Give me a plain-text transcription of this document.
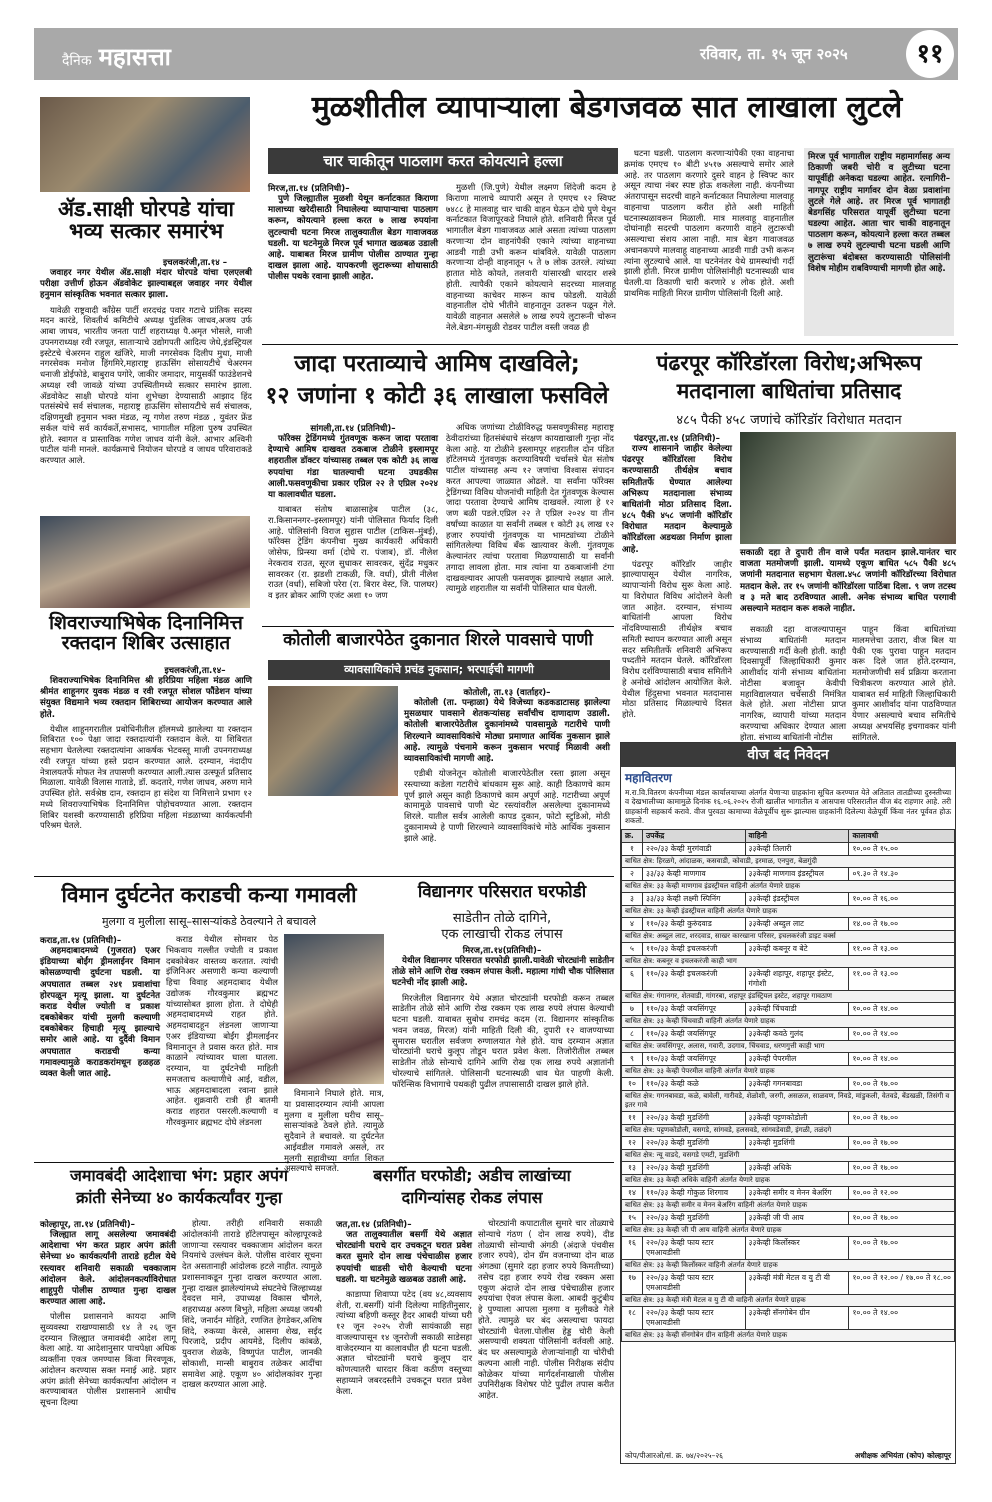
दैनिक महासत्ता	रविवार, ता. १५ जून २०२५	११
ॲड.साक्षी घोरपडे यांचा भव्य सत्कार समारंभ
इचलकरंजी,ता.१४ –

जवाहर नगर येथील ॲड.साक्षी मंदार घोरपडे यांचा एलएलबी परीक्षा उत्तीर्ण होऊन ॲडवोकेट झाल्याबद्दल जवाहर नगर येथील हनुमान सांस्कृतिक भवनात सत्कार झाला.

यावेळी राष्ट्रवादी कॉंग्रेस पार्टी शरदचंद्र पवार गटाचे प्रांतिक सदस्य मदन कारंडे, शिवतीर्थ कमिटीचे अध्यक्ष पुंडलिक जाधव,अजय उर्फ आबा जाधव, भारतीय जनता पार्टी शहराध्यक्ष पै.अमृत भोसले, माजी उपनगराध्यक्ष रवी रजपूत, साताऱ्याचे उद्योगपती आदित्य जेधे,इंडस्ट्रियल इस्टेटचे चेअरमन राहुल खंजिरे, माजी नगरसेवक दिलीप मुधा, माजी नगरसेवक मनोज हिंगमिरे,महाराष्ट्र हाऊसिंग सोसायटीचे चेअरमन धनाजी डोईफोडे, बाबुराव पगोरे, जाकीर जमादार, मायुसर्की फाउंडेशनचे अध्यक्ष रवी जावळे यांच्या उपस्थितीमध्ये सत्कार समारंभ झाला. ॲडवोकेट साक्षी घोरपडे यांना शुभेच्छा देण्यासाठी आझाद हिंद पतसंस्थेचे सर्व संचालक, महाराष्ट्र हाऊसिंग सोसायटीचे सर्व संचालक, दक्षिणमुखी हनुमान भक्त मंडळ, न्यू गणेश तरुण मंडळ , युवंतर फ्रेंड सर्कल यांचे सर्व कार्यकर्ते,सभासद, भागातील महिला पुरुष उपस्थित होते. स्वागत व प्रास्ताविक गणेश जाधव यांनी केले. आभार अश्विनी पाटील यांनी मानले. कार्यक्रमाचे नियोजन घोरपडे व जाधव परिवाराकडे करण्यात आले.

शिवराज्याभिषेक दिनानिमित्त रक्तदान शिबिर उत्साहात
इचलकरंजी,ता.१४–

शिवराज्याभिषेक दिनानिमित्त श्री हरिप्रिया महिला मंडळ आणि श्रीमंत शाहूनगर युवक मंडळ व रवी रजपूत सोशल फौंडेशन यांच्या संयुक्त विद्यमाने भव्य रक्तदान शिबिराच्या आयोजन करण्यात आले होते.

येथील शाहूनगरातील प्रबोधिनीतील हॉलमध्ये झालेल्या या रक्तदान शिबिरात १०० पेक्षा जादा रक्तदात्यांनी रक्तदान केले. या शिबिरात सहभाग घेतलेल्या रक्तदात्यांना आकर्षक भेटवस्तू माजी उपनगराध्यक्ष रवी रजपूत यांच्या हस्ते प्रदान करण्यात आले. दरम्यान, नंदादीप नेत्रालयतर्फे मोफत नेत्र तपासणी करण्यात आली.त्यास उत्स्फूर्त प्रतिसाद मिळाला. यावेळी विलास गाताडे, डॉ. कदतारे, गणेश जाधव, अरुण माने उपस्थित होते. सर्वश्रेष्ठ दान, रक्तदान हा संदेश या निमित्ताने प्रभाग १२ मध्ये शिवराज्याभिषेक दिनानिमित्त पोहोचवण्यात आला. रक्तदान शिबिर यशस्वी करण्यासाठी हरिप्रिया महिला मंडळाच्या कार्यकर्त्यांनी परिश्रम घेतले.

मुळशीतील व्यापाऱ्याला बेडगजवळ सात लाखाला लुटले
चार चाकीतून पाठलाग करत कोयत्याने हल्ला
मिरज,ता.१४ (प्रतिनिधी)–

पुणे जिल्ह्यातील मुळशी येथून कर्नाटकात किराणा मालाच्या खरेदीसाठी निघालेल्या व्यापाऱ्याचा पाठलाग करून, कोयत्याने हल्ला करत ७ लाख रुपयांना लुटल्याची घटना मिरज तालुक्यातील बेडग गावाजवळ घडली. या घटनेमुळे मिरज पूर्व भागात खळबळ उडाली आहे. याबाबत मिरज ग्रामीण पोलीस ठाण्यात गुन्हा दाखल झाला आहे. यापकरणी लुटारूच्या शोधासाठी पोलीस पथके रवाना झाली आहेत.

मुळशी (जि.पुणे) येथील लक्ष्मण शिंदेजी कदम हे किराणा मालाचे व्यापारी असून ते एमएच १२ स्विफ्ट ७४८८ हे मालवाहू चार चाकी वाहन घेऊन दोघे पुणे येथून कर्नाटकात विजापूरकडे निघाले होते. शनिवारी मिरज पूर्व भागातील बेडग गावाजवळ आले असता त्यांच्या पाठलाग करणाऱ्या दोन वाहनांपैकी एकाने त्यांच्या वाहनाच्या आडवी गाडी उभी करून थांबविले. यावेळी पाठलाग करणाऱ्या दोन्ही वाहनातून ५ ते ७ लोक उतरले. त्यांच्या हातात मोठे कोयते, तलवारी यांसारखी धारदार शस्त्रे होती. त्यापैकी एकाने कोयत्याने सदरच्या मालवाहू वाहनाच्या काचेवर मारून काच फोडली. यावेळी वाहनातील दोघे भीतीने वाहनातून उतरून पळून गेले. यावेळी वाहनात असलेले ७ लाख रुपये लुटारूनी चोरून नेले.बेडग-मंगसुळी रोडवर पाटील वस्ती जवळ ही

घटना घडली. पाठलाग करणाऱ्यांपैकी एका वाहनाचा क्रमांक एमएच १० बीटी ४५१७ असल्याचे समोर आले आहे. तर पाठलाग करणारे दुसरे वाहन हे स्विफ्ट कार असून त्याचा नंबर स्पष्ट होऊ शकलेला नाही. कंपनीच्या अंतरापासून सदरची वाहने कर्नाटकात निघालेल्या मालवाहू वाहनाचा पाठलाग करीत होते अशी माहिती घटनास्थळावरून मिळाली. मात्र मालवाहू वाहनातील दोघांनाही सदरची पाठलाग करणारी वाहने लुटारूची असल्याचा संशय आला नाही. मात्र बेडग गावाजवळ अचानकपणे मालवाहू वाहनाच्या आडवी गाडी उभी करून त्यांना लुटल्याचे आले. या घटनेनंतर येथे ग्रामस्थांची गर्दी झाली होती. मिरज ग्रामीण पोलिसांनीही घटनास्थळी धाव घेतली.या ठिकाणी चारी करणारे ४ लोक होते. अशी प्राथमिक माहिती मिरज ग्रामीण पोलिसांनी दिली आहे.

मिरज पूर्व भागातील राष्ट्रीय महामार्गासह अन्य ठिकाणी जबरी चोरी व लुटीच्या घटना यापूर्वीही अनेकदा घडल्या आहेत. रत्नागिरी–नागपूर राष्ट्रीय मार्गावर दोन वेळा प्रवाशांना लुटले गेले आहे. तर मिरज पूर्व भागातही बेडगसिंह परिसरात यापूर्वी लुटीच्या घटना घडल्या आहेत. आता चार चाकी वाहनातून पाठलाग करून, कोयत्याने हल्ला करत तब्बल ७ लाख रुपये लुटल्याची घटना घडली आणि लुटारूंचा बंदोबस्त करण्यासाठी पोलिसांनी विशेष मोहीम राबविण्याची मागणी होत आहे.

जादा परताव्याचे आमिष दाखविले;
१२ जणांना १ कोटी ३६ लाखाला फसविले
सांगली,ता.१४ (प्रतिनिधी)–

फॉरेक्स ट्रेडिंगमध्ये गुंतवणूक करून जादा परतावा देण्याचे आमिष दाखवत ठकबाज टोळीने इस्लामपूर शहरातील डॉक्टर यांच्यासह तब्बल एक कोटी ३६ लाख रुपयांचा गंडा घातल्याची घटना उघडकीस आली.फसवणुकीचा प्रकार एप्रिल २२ ते एप्रिल २०२४ या कालावधीत घडला.

याबाबत संतोष बाळासाहेब पाटील (३८, रा.किसाननगर–इस्लामपूर) यांनी पोलिसात फिर्याद दिली आहे. पोलिसांनी विराज सुहास पाटील (टाकिस–मुंबई), फॉरेक्स ट्रेडिंग कंपनीचा मुख्य कार्यकारी अधिकारी जोसेफ, प्रिन्स्या वर्मा (दोघे रा. पंजाब), डॉ. नीलेश नेरकराव राउत, सूरज सुधाकर सावरकर, सुंदेंद्र मधुकर सावरकर (रा. झडशी टाकळी, जि. वर्धा), प्रीती नीलेश राउत (वर्धा), सबिजो परेरा (रा. बिरार वेस्ट, जि. पालघर) व इतर ब्रोकर आणि एजंट अशा १० जण

अधिक जणांच्या टोळीविरुद्ध फसवणुकीसह महाराष्ट्र ठेवीदारांच्या हितसंबंधाचे संरक्षण कायद्याखाली गुन्हा नोंद केला आहे. या टोळीने इस्लामपूर शहरातील दोन पंडित हॉटेलमध्ये गुंतवणूक करण्याविषयी चर्चासत्रे घेत संतोष पाटील यांच्यासह अन्य १२ जणांचा विश्वास संपादन करत आपल्या जाळ्यात ओढले. या सर्वांना फॉरेक्स ट्रेडिंगच्या विविध योजनांची माहिती देत गुंतवणूक केल्यास जादा परतावा देण्याचे आमिष दाखवले. त्याला हे १२ जण बळी पडले.एप्रिल २२ ते एप्रिल २०२४ या तीन वर्षांच्या काळात या सर्वांनी तब्बल १ कोटी ३६ लाख १२ हजार रुपयांची गुंतवणूक या भामट्यांच्या टोळीने सांगितलेल्या विविध बँक खात्यावर केली. गुंतवणूक केल्यानंतर त्यांचा परतावा मिळण्यासाठी या सर्वांनी तगादा लावला होता. मात्र त्यांना या ठकबाजांनी टंगा दाखवल्यावर आपली फसवणूक झाल्याचे लक्षात आले. त्यामुळे शहरातील या सर्वांनी पोलिसात धाव घेतली.

पंढरपूर कॉरिडॉरला विरोध;अभिरूप
मतदानाला बाधितांचा प्रतिसाद
४८५ पैकी ४५८ जणांचे कॉरिडॉर विरोधात मतदान
पंढरपूर,ता.१४ (प्रतिनिधी)–

राज्य शासनाने जाहीर केलेल्या पंढरपूर कॉरिडॉरला विरोध करण्यासाठी तीर्थक्षेत्र बचाव समितीतर्फे घेण्यात आलेल्या अभिरूप मतदानाला संभाव्य बाधितांनी मोठा प्रतिसाद दिला. ४८५ पैकी ४५८ जणांनी कॉरिडॉर विरोधात मतदान केल्यामुळे कॉरिडॉरला अडथळा निर्माण झाला आहे.

पंढरपूर कॉरिडॉर जाहीर झाल्यापासून येथील नागरिक, व्यापाऱ्यांनी विरोध सुरू केला आहे. या विरोधात विविध आंदोलने केली जात आहेत. दरम्यान, संभाव्य बाधितांनी आपला विरोध नोंदविण्यासाठी तीर्थक्षेत्र बचाव समिती स्थापन करण्यात आली असून सदर समितीतर्फे शनिवारी अभिरूप पध्दतीने मतदान घेतले. कॉरिडॉरला विरोध दर्शविण्यासाठी बचाव समितीने हे अनोखे आंदोलन आयोजित केले. येथील हिंदुसभा भवनात मतदानास मोठा प्रतिसाद मिळाल्याचे दिसत होते.

सकाळी दहा ते दुपारी तीन वाजे पर्यंत मतदान झाले.यानंतर चार वाजता मतमोजणी झाली. यामध्ये एकूण बाधित ५८५ पैकी ४८५ जणांनी मतदानात सहभाग घेतला.४५८ जणांनी कॉरिडॉरच्या विरोधात मतदान केले. तर १५ जणांनी कॉरिडॉरला पाठिंबा दिला. ९ जण तटस्थ व ३ मते बाद ठरविण्यात आली. अनेक संभाव्य बाधित परगावी असल्याने मतदान करू शकले नाहीत.

सकाळी दहा वाजल्यापासून संभाव्य बाधितांनी मतदान करण्यासाठी गर्दी केली होती. काही दिवसापूर्वी जिल्हाधिकारी कुमार आशीर्वाद यांनी संभाव्य बाधितांना नोटीसा बजावून केवीपी महाविद्यालयात चर्चेसाठी निमंत्रित केले होते. अशा नोटीसा प्राप्त नागरिक, व्यापारी यांच्या मतदान करण्याचा अधिकार देण्यात आला होता. संभाव्य बाधितांनी नोटीस

पाहून किंवा बाधितांच्या मालमत्तेचा उतारा, वीज बिल या पैकी एक पुरावा पाहून मतदान करू दिले जात होते.दरम्यान, मतमोजणीची सर्व प्रक्रिया करताना चित्रीकरण करण्यात आले होते. याबाबत सर्व माहिती जिल्हाधिकारी कुमार आशीर्वाद यांना पाठविण्यात येणार असल्याचे बचाव समितीचे अध्यक्ष अभयसिंह इचगावकर यांनी सांगितले.

कोतोली बाजारपेठेत दुकानात शिरले पावसाचे पाणी
व्यावसायिकांचे प्रचंड नुकसान; भरपाईची मागणी
कोतोली, ता.१३ (वार्ताहर)–

कोतोली (ता. पन्हाळा) येथे विजेच्या कडकडाटासह झालेल्या मुसळधार पावसाने शेतकऱ्यांसह सर्वांचीच दाणादाण उडाली. कोतोली बाजारपेठेतील दुकानांमध्ये पावसामुळे गटारीचे पाणी शिरल्याने व्यावसायिकांचे मोठ्या प्रमाणात आर्थिक नुकसान झाले आहे. त्यामुळे पंचनामे करून नुकसान भरपाई मिळावी अशी व्यावसायिकांची मागणी आहे.

एडीबी योजनेतून कोतोली बाजारपेठेतील रस्ता झाला असून रस्त्याच्या कडेला गटारीचे बांधकाम सुरू आहे. काही ठिकाणचे काम पूर्ण झाले असून काही ठिकाणचे काम अपूर्ण आहे. गटारीच्या अपूर्ण कामामुळे पावसाचे पाणी थेट रस्त्यांवरील असलेल्या दुकानामध्ये शिरले. यातील सर्वत्र आलेली कापड दुकान, फोटो स्टुडिओ, मोठी दुकानामध्ये हे पाणी शिरल्याने व्यावसायिकांचे मोठे आर्थिक नुकसान झाले आहे.

वीज बंद निवेदन
महावितरण
म.रा.वि.वितरण कंपनीच्या मंडल कार्यालयाच्या अंतर्गत येणाऱ्या ग्राहकांना सूचित करण्यात येते अतितात तातडीच्या दुरुस्तीच्या व देखभालीच्या कामामुळे दिनांक १६.०६.२०२५ रोजी खालील भागातील व आसपास परिसरातील वीज बंद राहणार आहे. तरी ग्राहकांनी सहकार्य करावे. वीज पुरवठा कामाच्या वेळेपूर्वीच सुरू झाल्यास ग्राहकांनी दिलेल्या वेळेपूर्वी किंवा नंतर पूर्ववत होऊ शकतो.
क्र.	उपकेंद्र	वाहिनी	कालावधी
१	२२०/३३ केव्ही मुरगंवाडी	३३केव्ही तिलारी	१०.०० ते १५.००
बाधित क्षेत्र: हिरळगे, आंदाळक, कसवाडी, कोवाडी, इरमाळ, एनपुरा, बेळगुंदी			
२	३३/३३ केव्ही माणगाव	३३केव्ही माणगाव इंडस्ट्रीयल	०९.३० ते १४.३०
बाधित क्षेत्र: ३३ केव्ही माणगाव इंडस्ट्रीयल वाहिनी अंतर्गत येणारे ग्राहक			
३	३३/३३ केव्ही लक्ष्मी स्पिनिंग	३३केव्ही इंडस्ट्रीयल	१०.०० ते १६.००
बाधित क्षेत्र: ३३ केव्ही इंडस्ट्रीयल वाहिनी अंतर्गत येणारे ग्राहक			
४	११०/३३ केव्ही कुरुंदवाड	३३केव्ही अब्दुल लाट	१४.०० ते १७.००
बाधित क्षेत्र: अब्दुल लाट, शरदवाड, साखर कारखाना परिसर, इचलकरंजी डाइट वर्क्स			
५	११०/३३ केव्ही इचलकरंजी	३३केव्ही कबनूर व बेटे	११.०० ते १३.००
बाधित क्षेत्र: कबनूर व इचलकरंजी काही भाग			
६	११०/३३ केव्ही इचलकरंजी	३३केव्ही शहापूर, शहापूर इंस्टेट, गंगोशी	११.०० ते १३.००
बाधित क्षेत्र: गंगानगर, शेतवाडी, गांगरबा, शहापूर इंडस्ट्रियल इस्टेट, शहापूर गावठाण			
७	११०/३३ केव्ही जयसिंगपूर	३३केव्ही चिंचवाडी	१०.०० ते १४.००
बाधित क्षेत्र: ३३ केव्ही चिंचवाडी वाहिनी अंतर्गत येणारे ग्राहक			
८	११०/३३ केव्ही जयसिंगपूर	३३केव्ही कवठे गुलंद	१०.०० ते १४.००
बाधित क्षेत्र: जयसिंगपूर, अलास, गवारी, उदगाव, चिंचवाड, धरणगुत्ती काही भाग			
९	११०/३३ केव्ही जयसिंगपूर	३३केव्ही पेपरमील	१०.०० ते १४.००
बाधित क्षेत्र: ३३ केव्ही पेपरमील वाहिनी अंतर्गत येणारे ग्राहक			
१०	११०/३३ केव्ही कळे	३३केव्ही गगनबावडा	१०.०० ते १७.००
बाधित क्षेत्र: गगनबावडा, कळे, बावेली, गारीवडे, शेळोशी, जरगी, असळज, साळवण, निवडे, मांडुकली, वेतवडे, बेंडखळी, तिसंगी व इतर गावे			
११	२२०/३३ केव्ही मुडशिंगी	३३केव्ही पट्टणकोडोली	१०.०० ते १७.००
बाधित क्षेत्र: पट्टणकोडोली, वसगडे, सांगवडे, हलसवडे, सांगवडेवाडी, इंगळी, तळंदगे			
१२	२२०/३३ केव्ही मुडशिंगी	३३केव्ही मुडशिंगी	१०.०० ते १७.००
बाधित क्षेत्र: न्यू वाडदे, वसगडे एमटी, मुडशिंगी			
१३	२२०/३३ केव्ही मुडशिंगी	३३केव्ही अधिके	१०.०० ते १७.००
बाधित क्षेत्र: ३३ केव्ही अधिके वाहिनी अंतर्गत येणारे ग्राहक			
१४	११०/३३ केव्ही गोकुळ शिरगाव	३३केव्ही समीर व मेनन बेअरिंग	१०.०० ते १२.००
बाधित क्षेत्र: ३३ केव्ही समीर व मेनन बेअरिंग वाहिनी अंतर्गत येणारे ग्राहक			
१५	२२०/३३ केव्ही मुडशिंगी	३३केव्ही जी पी आय	१०.०० ते १७.००
बाधित क्षेत्र: ३३ केव्ही जी पी आय वाहिनी अंतर्गत येणारे ग्राहक			
१६	२२०/३३ केव्ही फाय स्टार एमआयडीसी	३३केव्ही किर्लोस्कर	१०.०० ते १७.००
बाधित क्षेत्र: ३३ केव्ही किर्लोस्कर वाहिनी अंतर्गत येणारे ग्राहक			
१७	२२०/३३ केव्ही फाय स्टार एमआयडीसी	३३केव्ही मंत्री मेटल व यु टी यी	१०.०० ते १२.०० / १७.०० ते १८.००
बाधित क्षेत्र: ३३ केव्ही मंत्री मेटल व यु टी यी वाहिनी अंतर्गत येणारे ग्राहक			
१८	२२०/३३ केव्ही फाय स्टार एमआयडीसी	३३केव्ही सॅनगोबेन ग्रीन	१०.०० ते १४.००
बाधित क्षेत्र: ३३ केव्ही सॅनगोबेन ग्रीन वाहिनी अंतर्गत येणारे ग्राहक			
कोप/पीआरओ/सं. क्र. ७४/२०२५–२६	अधीक्षक अभियंता (कोप) कोल्हापूर
विमान दुर्घटनेत कराडची कन्या गमावली
मुलगा व मुलीला सासू–सासऱ्यांकडे ठेवल्याने ते बचावले
कराड,ता.१४ (प्रतिनिधी)–

अहमदाबादमध्ये (गुजरात) एअर इंडियाच्या बोईंग ड्रीमलाईनर विमान कोसळण्याची दुर्घटना घडली. या अपघातात तब्बल २४१ प्रवाशांचा होरपळून मृत्यू झाला. या दुर्घटनेत कराड येथील ज्योती व प्रकाश दबकोबेकर यांची मुलगी कल्याणी दबकोबेकर हिचाही मृत्यू झाल्याचे समोर आले आहे. या दुर्दैवी विमान अपघातात कराडची कन्या गमावल्यामुळे कराडकरांमधून हळहळ व्यक्त केली जात आहे.

कराड येथील सोमवार पेठ भिकवाय गल्लीत ज्योती व प्रकाश दबकोबेकर वास्तव्य करतात. त्यांची इंजिनिअर असणारी कन्या कल्याणी हिचा विवाह अहमदाबाद येथील उद्योजक गौरवकुमार ब्रह्मभट यांच्यासोबत झाला होता. ते दोघेही अहमदाबादमध्ये राहत होते. अहमदाबादहून लंडनला जाणाऱ्या एअर इंडियाच्या बोईंग ड्रीमलाईनर विमानातून ते प्रवास करत होते. मात्र काळाने त्यांच्यावर घाला घातला. दरम्यान, या दुर्घटनेची माहिती समजताच कल्याणीचे आई, वडील, भाऊ अहमदाबादला रवाना झाले आहेत. शुक्रवारी रात्री ही बातमी कराड शहरात पसरली.कल्याणी व गौरवकुमार ब्रह्मभट दोघे लंडनला

विमानाने निघाले होते. मात्र, या प्रवासादरम्यान त्यांनी आपला मुलगा व मुलीला घरीच सासू–सासऱ्यांकडे ठेवले होते. त्यामुळे सुदैवाने ते बचावले. या दुर्घटनेत आईवडील गमावले असले, तर मुलगी सहावीच्या वर्गात शिकत असल्याचे समजते.

विद्यानगर परिसरात घरफोडी
साडेतीन तोळे दागिने,
एक लाखाची रोकड लंपास
मिरज,ता.१४(प्रतिनिधी)–

येथील विद्यानगर परिसरात घरफोडी झाली.यावेळी चोरट्यांनी साडेतीन तोळे सोने आणि रोख रक्कम लंपास केली. महात्मा गांधी चौक पोलिसात घटनेची नोंद झाली आहे.

मिरजेतील विद्यानगर येथे अज्ञात चोरट्यांनी घरफोडी करून तब्बल साडेतीन तोळे सोने आणि रोख रक्कम एक लाख रुपये लंपास केल्याची घटना घडली. याबाबत सुबोध रामचंद्र कदम (रा. विद्यानगर सांस्कृतिक भवन जवळ, मिरज) यांनी माहिती दिली की, दुपारी १२ वाजण्याच्या सुमारास घरातील सर्वजण रुग्णालयात गेले होते. याच दरम्यान अज्ञात चोरट्यांनी घराचे कुलूप तोडून घरात प्रवेश केला. तिजोरीतील तब्बल साडेतीन तोळे सोन्याचे दागिने आणि रोख एक लाख रुपये अज्ञातांनी चोरल्याचे सांगितले. पोलिसानी घटनास्थळी धाव घेत पाहणी केली. फॉरेन्सिक विभागाचे पथकही पुढील तपासासाठी दाखल झाले होते.

जमावबंदी आदेशाचा भंग: प्रहार अपंग
क्रांती सेनेच्या ४० कार्यकर्त्यांवर गुन्हा
कोल्हापूर, ता.१४ (प्रतिनिधी)–

जिल्ह्यात लागू असलेल्या जमावबंदी आदेशाचा भंग करत प्रहार अपंग क्रांती सेनेच्या ४० कार्यकर्त्यांनी ताराडे हटील येथे रस्त्यावर शनिवारी सकाळी चक्काजाम आंदोलन केले. आंदोलनकर्त्याविरोधात शाहूपुरी पोलीस ठाण्यात गुन्हा दाखल करण्यात आला आहे.

पोलीस प्रशासनाने कायदा आणि सुव्यवस्था राखण्यासाठी १४ ते २६ जून दरम्यान जिल्ह्यात जमावबंदी आदेश लागू केला आहे. या आदेशानुसार पाचपेक्षा अधिक व्यक्तींना एकत्र जमण्यास किंवा मिरवणूक, आंदोलन करण्यास सक्त मनाई आहे. प्रहार अपंग क्रांती सेनेच्या कार्यकर्त्यांना आंदोलन न करण्याबाबत पोलीस प्रशासनाने आधीच सूचना दिल्या

होत्या. तरीही शनिवारी सकाळी आंदोलकांनी ताराडे हॉटेलपासून कोल्हापूरकडे जाणाऱ्या रस्त्यावर चक्काजाम आंदोलन करत नियमांचे उल्लंघन केले. पोलीस वारंवार सूचना देत असतानाही आंदोलक हटले नाहीत. त्यामुळे प्रशासनाकडून गुन्हा दाखल करण्यात आला. गुन्हा दाखल झालेल्यांमध्ये संघटनेचे जिल्हाध्यक्ष देवदत्त माने, उपाध्यक्ष विकास चौगले, शहराध्यक्ष अरुण बिभुते, महिला अध्यक्ष जयश्री शिंदे, जनार्दन मोहिते, रणजित हेगडेकर,अशिष शिंदे, रुकय्या केरसे, आसमा शेख, सईद पिरजादे, प्रदीप आयमेडे, दिलीप कांबळे, युवराज शेळके, विष्णुपंत पाटील, जानकी सोकाशी, मान्सी बाबुराव तळेकर आदींचा समावेश आहे. एकूण ४० आंदोलकांवर गुन्हा दाखल करण्यात आला आहे.

बसर्गीत घरफोडी; अडीच लाखांच्या
दागिन्यांसह रोकड लंपास
जत,ता.१४ (प्रतिनिधी)–

जत तालुक्यातील बसर्गी येथे अज्ञात चोरट्यांनी घराचे दार उचकटून घरात प्रवेश करत सुमारे दोन लाख पंचेचाळीस हजार रुपयांची धाडसी चोरी केल्याची घटना घडली. या घटनेमुळे खळबळ उडाली आहे.

काडाप्पा शिवाप्पा पटेद (वय ४८,व्यवसाय शेती, रा.बसर्गी) यांनी दिलेल्या माहितीनुसार, त्यांच्या बहिणी कस्तूर हैदर आबदी यांच्या घरी १२ जून २०२५ रोजी सायंकाळी सहा वाजल्यापासून १४ जूनरोजी सकाळी साडेसहा वाजेदरम्यान या कालावधीत ही घटना घडली. अज्ञात चोरट्यांनी घराचे कुलूप दार कोणत्यातरी धारदार किंवा कठीण वस्तूच्या सहाय्याने जबरदस्तीने उचकटून घरात प्रवेश केला.

चोरट्यांनी कपाटातील सुमारे चार तोळ्याचे सोन्याचे गंठण ( दोन लाख रुपये), दीड तोळ्याची सोन्याची अंगठी (अंदाजे पंचवीस हजार रुपये), दोन ग्रॅम वजनाच्या दोन बाळ अंगठ्या (सुमारे दहा हजार रुपये किमतीच्या) तसेच दहा हजार रुपये रोख रक्कम असा एकूण अंदाजे दोन लाख पंचेचाळीस हजार रुपयांचा ऐवज लंपास केला. आबदी कुटुंबीय हे पुण्याला आपला मुलगा व मुलीकडे गेले होते. त्यामुळे घर बंद असल्याचा फायदा चोरट्यांनी घेतला.पोलीस हेड्ड चोरी केली असण्याची शक्यता पोलिसांनी वर्तवली आहे. बंद घर असल्यामुळे शेजाऱ्यांनाही या चोरीची कल्पना आली नाही. पोलीस निरीक्षक संदीप कोळेकर यांच्या मार्गदर्शनाखाली पोलीस उपनिरीक्षक विशेषर पोटे पुढील तपास करीत आहेत.
